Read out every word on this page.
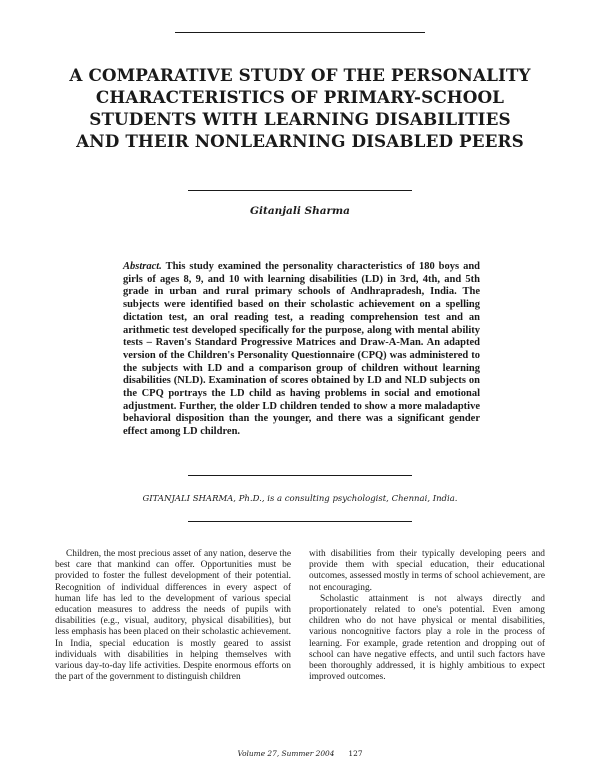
A COMPARATIVE STUDY OF THE PERSONALITY
CHARACTERISTICS OF PRIMARY-SCHOOL
STUDENTS WITH LEARNING DISABILITIES
AND THEIR NONLEARNING DISABLED PEERS
Gitanjali Sharma
Abstract. This study examined the personality characteristics of 180 boys and girls of ages 8, 9, and 10 with learning disabilities (LD) in 3rd, 4th, and 5th grade in urban and rural primary schools of Andhrapradesh, India. The subjects were identified based on their scholastic achievement on a spelling dictation test, an oral reading test, a reading comprehension test and an arithmetic test developed specifically for the purpose, along with mental ability tests – Raven's Standard Progressive Matrices and Draw-A-Man. An adapted version of the Children's Personality Questionnaire (CPQ) was administered to the subjects with LD and a comparison group of children without learning disabilities (NLD). Examination of scores obtained by LD and NLD subjects on the CPQ portrays the LD child as having problems in social and emotional adjustment. Further, the older LD children tended to show a more maladaptive behavioral disposition than the younger, and there was a significant gender effect among LD children.
GITANJALI SHARMA, Ph.D., is a consulting psychologist, Chennai, India.

Children, the most precious asset of any nation, deserve the best care that mankind can offer. Opportunities must be provided to foster the fullest development of their potential. Recognition of individual differences in every aspect of human life has led to the development of various special education measures to address the needs of pupils with disabilities (e.g., visual, auditory, physical disabilities), but less emphasis has been placed on their scholastic achievement. In India, special education is mostly geared to assist individuals with disabilities in helping themselves with various day-to-day life activities. Despite enormous efforts on the part of the government to distinguish children

with disabilities from their typically developing peers and provide them with special education, their educational outcomes, assessed mostly in terms of school achievement, are not encouraging.

Scholastic attainment is not always directly and proportionately related to one's potential. Even among children who do not have physical or mental disabilities, various noncognitive factors play a role in the process of learning. For example, grade retention and dropping out of school can have negative effects, and until such factors have been thoroughly addressed, it is highly ambitious to expect improved outcomes.

Volume 27, Summer 2004 127
